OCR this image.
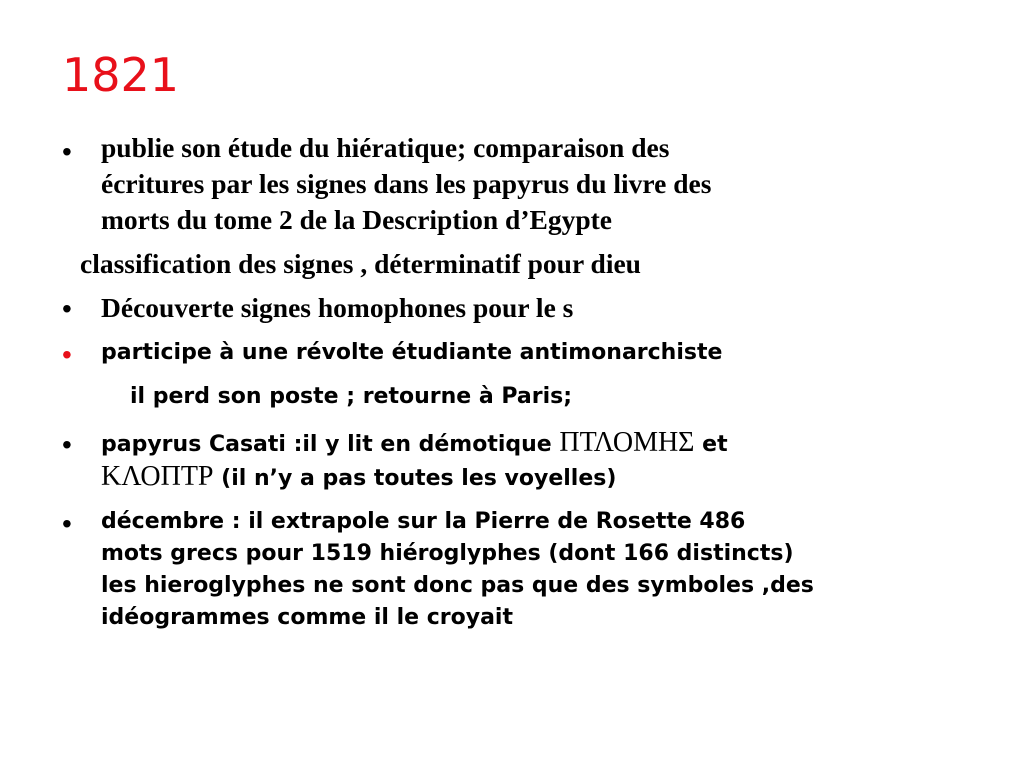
1821
• publie son étude du hiératique; comparaison des
écritures par les signes dans les papyrus du livre des
morts du tome 2 de la Description d’Egypte
classification des signes , déterminatif pour dieu
• Découverte signes homophones pour le s
• participe à une révolte étudiante antimonarchiste
il perd son poste ; retourne à Paris;
• papyrus Casati :il y lit en démotique ΠΤΛΟΜΗΣ et
ΚΛΟΠΤΡ (il n’y a pas toutes les voyelles)
• décembre : il extrapole sur la Pierre de Rosette 486
mots grecs pour 1519 hiéroglyphes (dont 166 distincts)
les hieroglyphes ne sont donc pas que des symboles ,des
idéogrammes comme il le croyait
